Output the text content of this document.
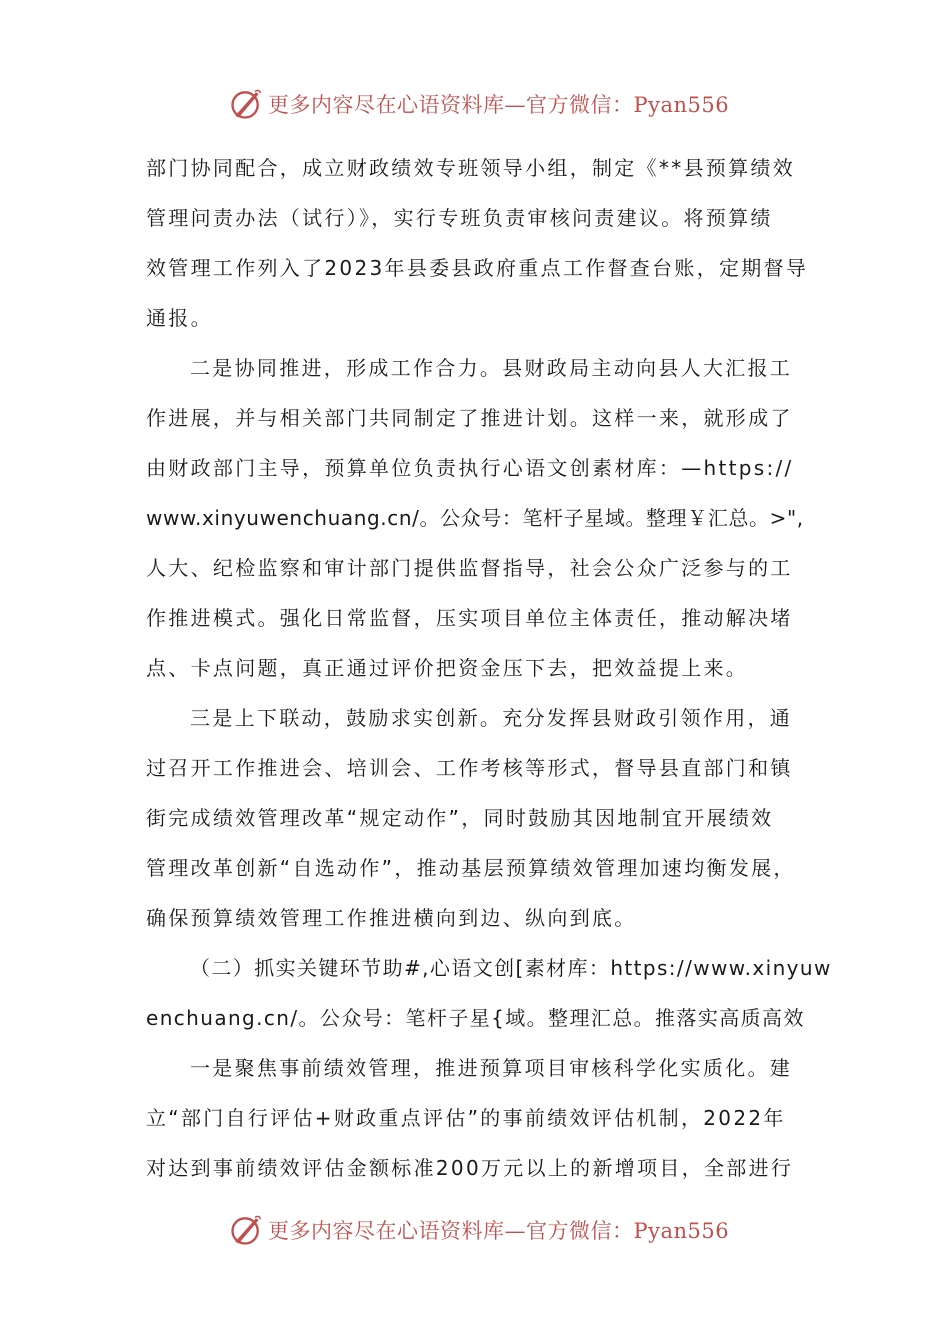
更多内容尽在心语资料库—官方微信：Pyan556
部门协同配合，成立财政绩效专班领导小组，制定《**县预算绩效
管理问责办法（试行）》，实行专班负责审核问责建议。将预算绩
效管理工作列入了2023年县委县政府重点工作督查台账，定期督导
通报。
二是协同推进，形成工作合力。县财政局主动向县人大汇报工
作进展，并与相关部门共同制定了推进计划。这样一来，就形成了
由财政部门主导，预算单位负责执行心语文创素材库：—https://
www.xinyuwenchuang.cn/。公众号：笔杆子星域。整理￥汇总。>",
人大、纪检监察和审计部门提供监督指导，社会公众广泛参与的工
作推进模式。强化日常监督，压实项目单位主体责任，推动解决堵
点、卡点问题，真正通过评价把资金压下去，把效益提上来。
三是上下联动，鼓励求实创新。充分发挥县财政引领作用，通
过召开工作推进会、培训会、工作考核等形式，督导县直部门和镇
街完成绩效管理改革“规定动作”，同时鼓励其因地制宜开展绩效
管理改革创新“自选动作”，推动基层预算绩效管理加速均衡发展，
确保预算绩效管理工作推进横向到边、纵向到底。
（二）抓实关键环节助#,心语文创[素材库：https://www.xinyuw
enchuang.cn/。公众号：笔杆子星{域。整理汇总。推落实高质高效
一是聚焦事前绩效管理，推进预算项目审核科学化实质化。建
立“部门自行评估+财政重点评估”的事前绩效评估机制，2022年
对达到事前绩效评估金额标准200万元以上的新增项目，全部进行
更多内容尽在心语资料库—官方微信：Pyan556
